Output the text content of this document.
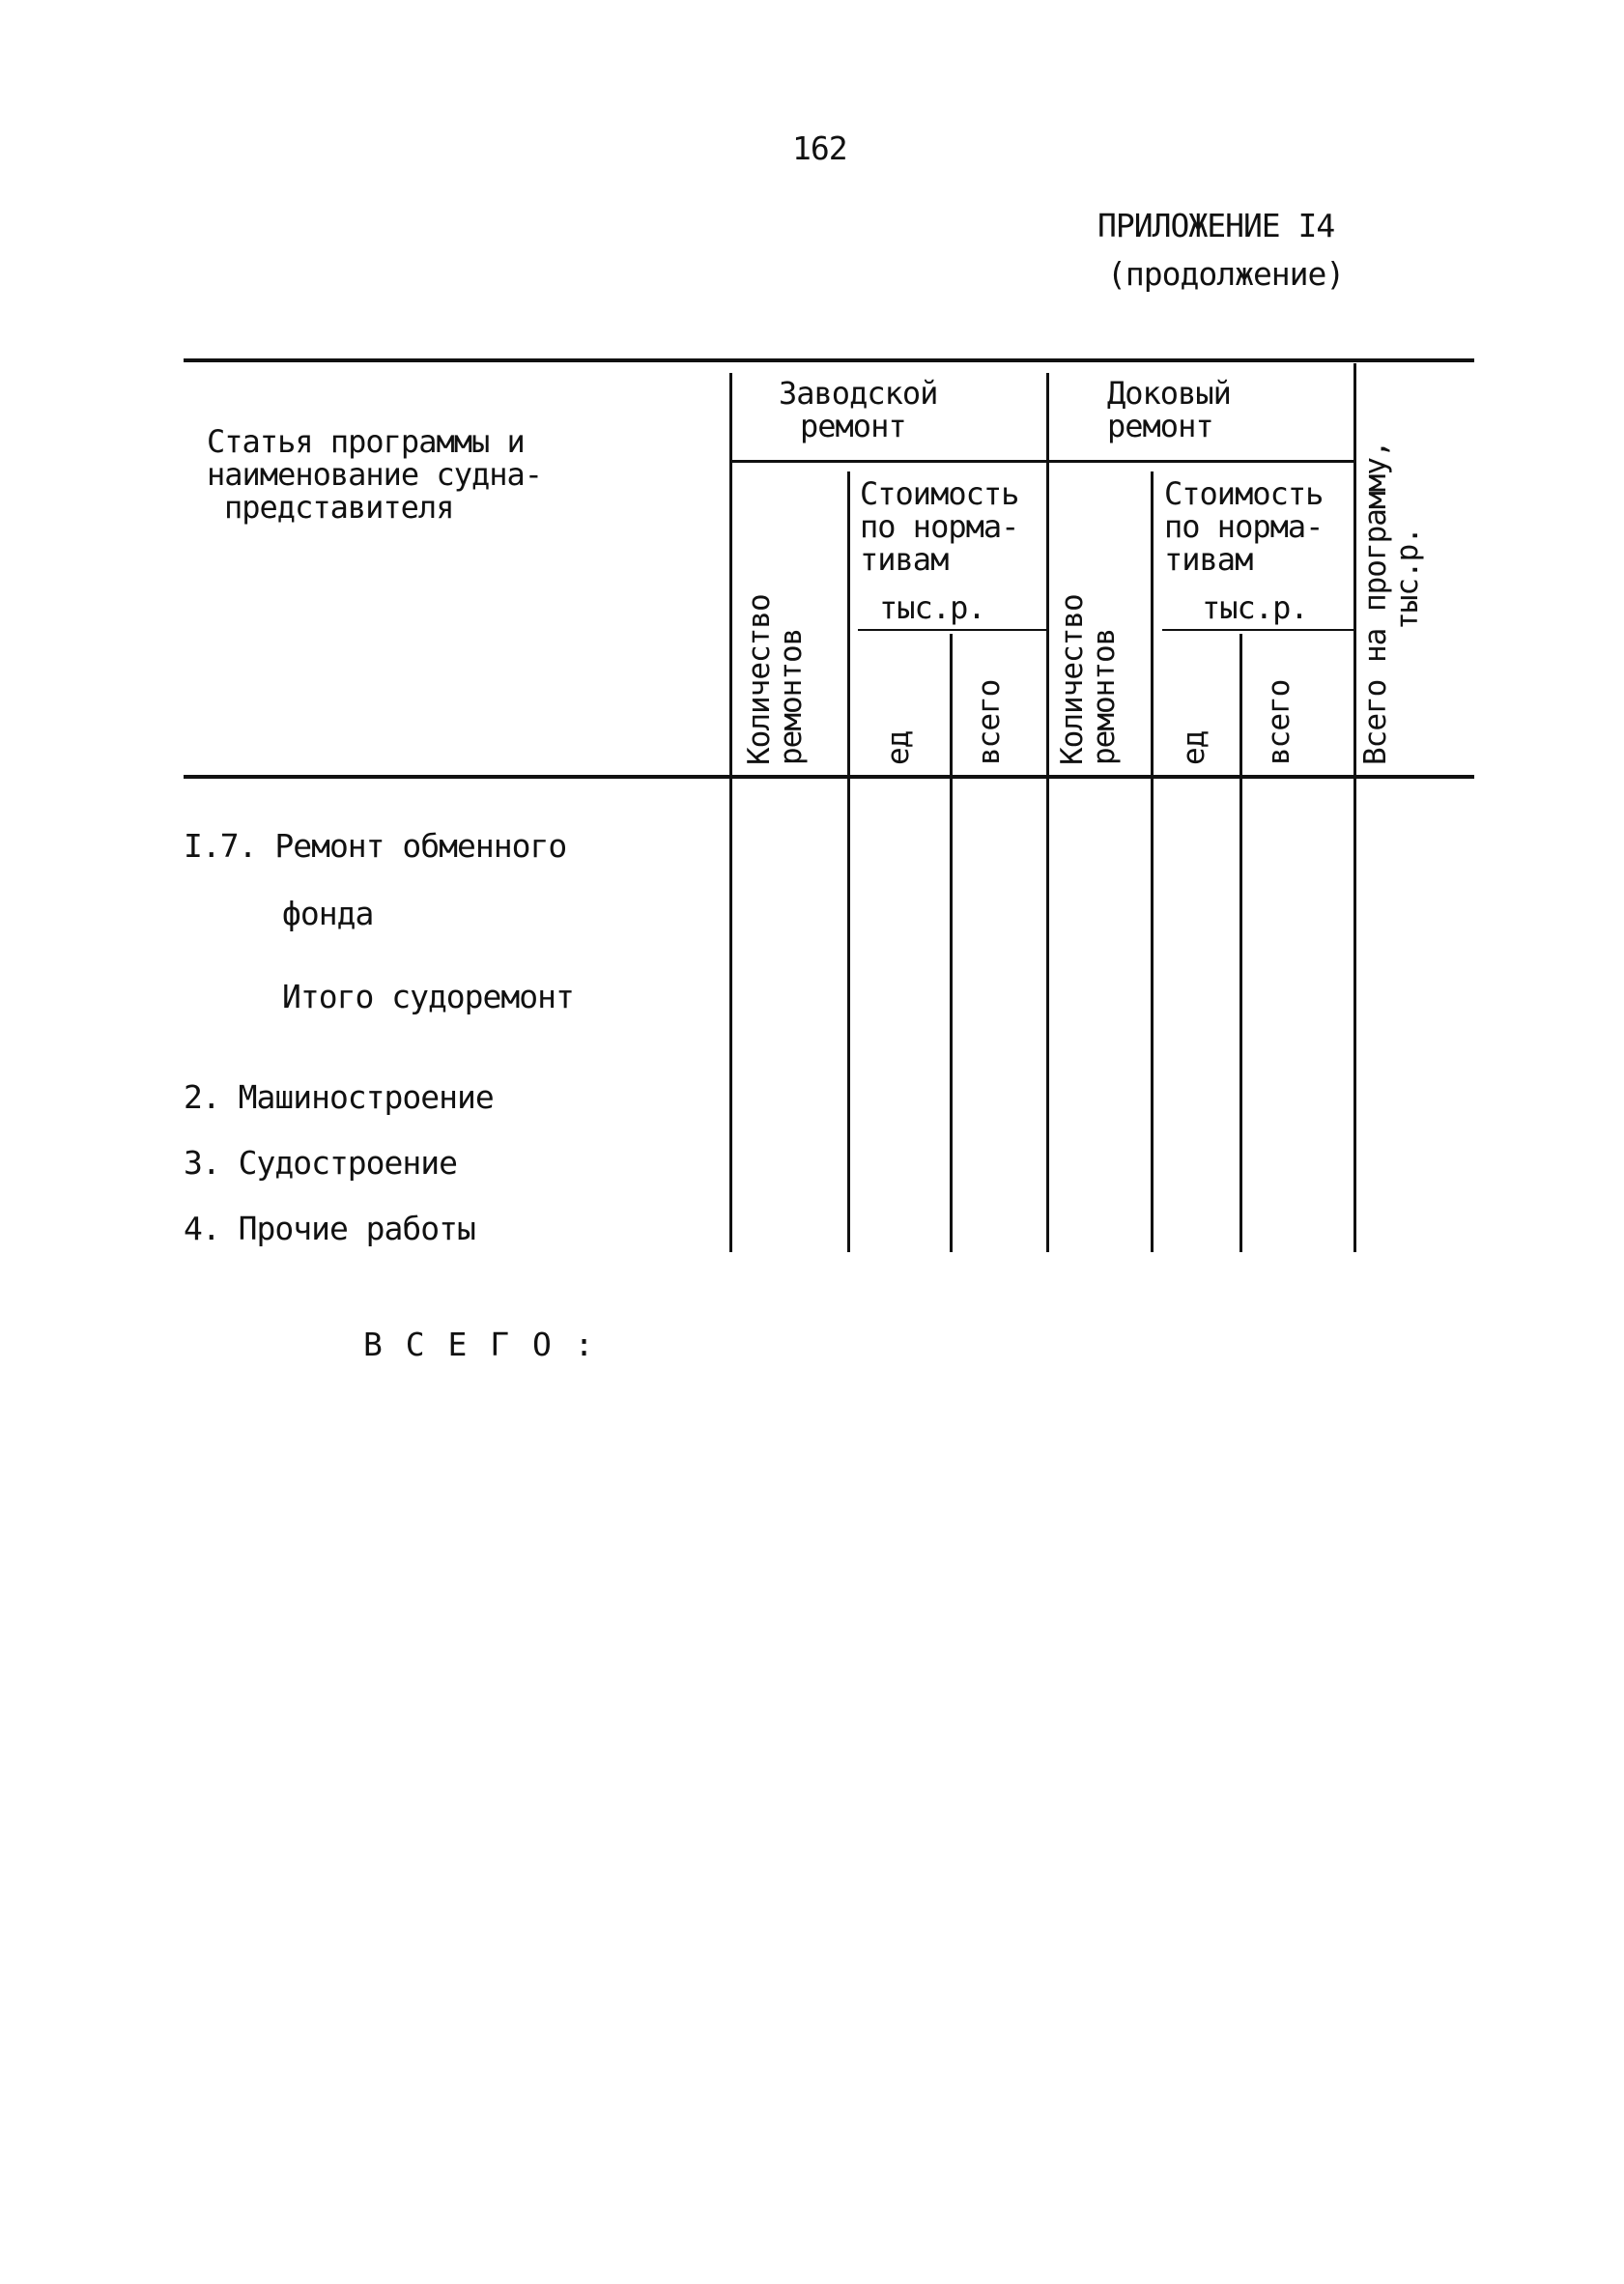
162
ПРИЛОЖЕНИЕ I4
(продолжение)
Статья программы и
наименование судна-
представителя
Заводской
ремонт
Доковый
ремонт
Стоимость
по норма-
тивам
тыс.р.
Стоимость
по норма-
тивам
тыс.р.
Количество
ремонтов ед всего Количество
ремонтов ед всего Всего на программу,
тыс.р.
I.7. Ремонт обменного
фонда
Итого судоремонт
2. Машиностроение
3. Судостроение
4. Прочие работы
В С Е Г О :
